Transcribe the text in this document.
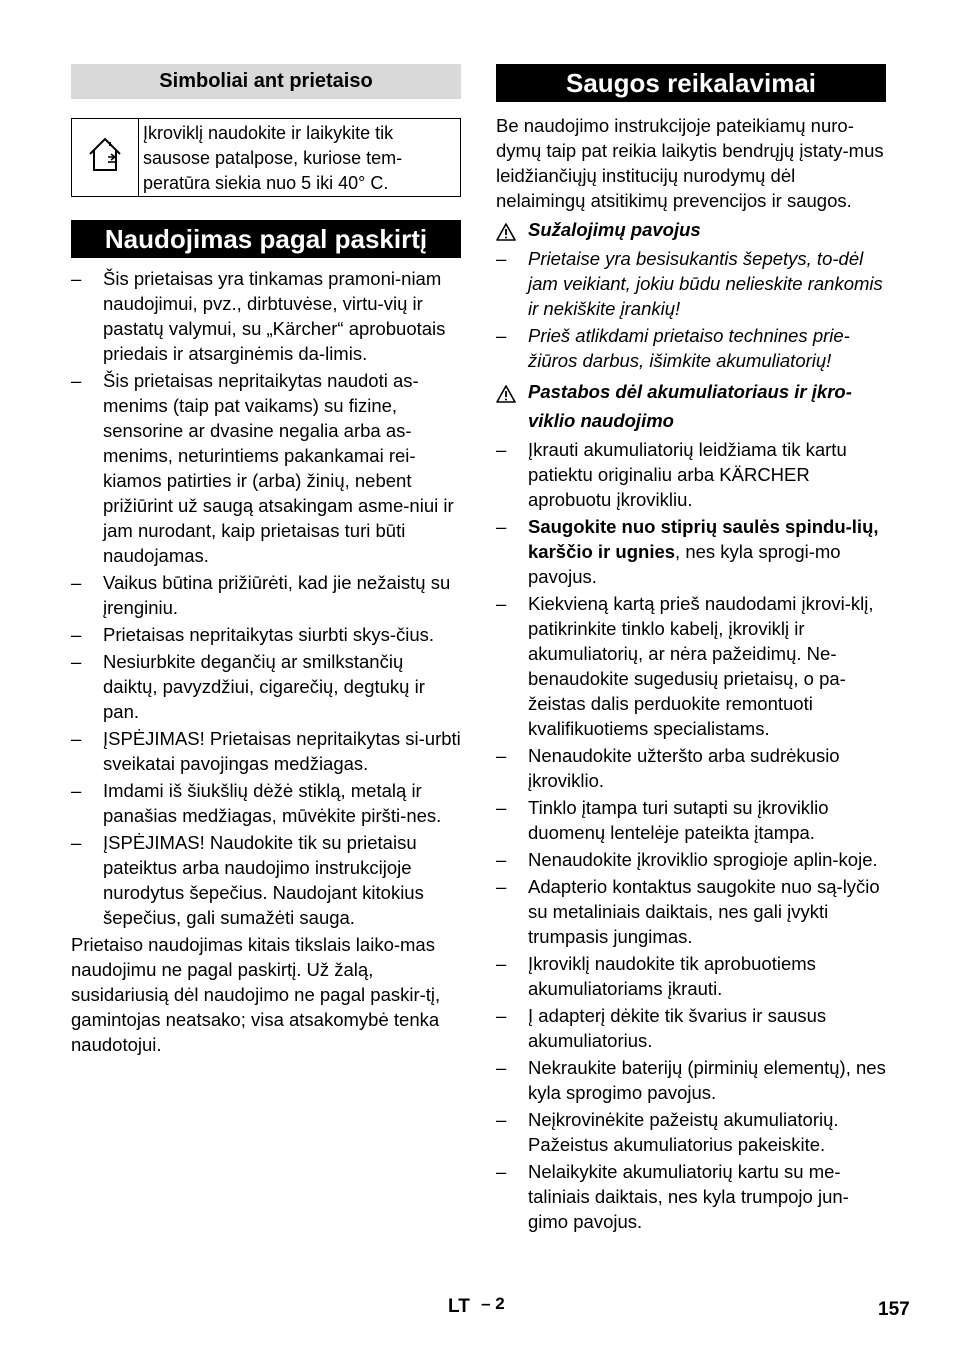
Simboliai ant prietaiso
Įkroviklį naudokite ir laikykite tik sausose patalpose, kuriose tem-peratūra siekia nuo 5 iki 40° C.
Naudojimas pagal paskirtį
– Šis prietaisas yra tinkamas pramoni-niam naudojimui, pvz., dirbtuvėse, virtu-vių ir pastatų valymui, su „Kärcher“ aprobuotais priedais ir atsarginėmis da-limis.
– Šis prietaisas nepritaikytas naudoti as-menims (taip pat vaikams) su fizine, sensorine ar dvasine negalia arba as-menims, neturintiems pakankamai rei-kiamos patirties ir (arba) žinių, nebent prižiūrint už saugą atsakingam asme-niui ir jam nurodant, kaip prietaisas turi būti naudojamas.
– Vaikus būtina prižiūrėti, kad jie nežaistų su įrenginiu.
– Prietaisas nepritaikytas siurbti skys-čius.
– Nesiurbkite degančių ar smilkstančių daiktų, pavyzdžiui, cigarečių, degtukų ir pan.
– ĮSPĖJIMAS! Prietaisas nepritaikytas si-urbti sveikatai pavojingas medžiagas.
– Imdami iš šiukšlių dėžė stiklą, metalą ir panašias medžiagas, mūvėkite piršti-nes.
– ĮSPĖJIMAS! Naudokite tik su prietaisu pateiktus arba naudojimo instrukcijoje nurodytus šepečius. Naudojant kitokius šepečius, gali sumažėti sauga.

Prietaiso naudojimas kitais tikslais laiko-mas naudojimu ne pagal paskirtį. Už žalą, susidariusią dėl naudojimo ne pagal paskir-tį, gamintojas neatsako; visa atsakomybė tenka naudotojui.

Saugos reikalavimai

Be naudojimo instrukcijoje pateikiamų nuro-dymų taip pat reikia laikytis bendrųjų įstaty-mus leidžiančiųjų institucijų nurodymų dėl nelaimingų atsitikimų prevencijos ir saugos.

Sužalojimų pavojus
– Prietaise yra besisukantis šepetys, to-dėl jam veikiant, jokiu būdu nelieskite rankomis ir nekiškite įrankių!
– Prieš atlikdami prietaiso technines prie-žiūros darbus, išimkite akumuliatorių!
Pastabos dėl akumuliatoriaus ir įkro-viklio naudojimo
– Įkrauti akumuliatorių leidžiama tik kartu patiektu originaliu arba KÄRCHER aprobuotu įkrovikliu.
– Saugokite nuo stiprių saulės spindu-lių, karščio ir ugnies, nes kyla sprogi-mo pavojus.
– Kiekvieną kartą prieš naudodami įkrovi-klį, patikrinkite tinklo kabelį, įkroviklį ir akumuliatorių, ar nėra pažeidimų. Ne-benaudokite sugedusių prietaisų, o pa-žeistas dalis perduokite remontuoti kvalifikuotiems specialistams.
– Nenaudokite užteršto arba sudrėkusio įkroviklio.
– Tinklo įtampa turi sutapti su įkroviklio duomenų lentelėje pateikta įtampa.
– Nenaudokite įkroviklio sprogioje aplin-koje.
– Adapterio kontaktus saugokite nuo są-lyčio su metaliniais daiktais, nes gali įvykti trumpasis jungimas.
– Įkroviklį naudokite tik aprobuotiems akumuliatoriams įkrauti.
– Į adapterį dėkite tik švarius ir sausus akumuliatorius.
– Nekraukite baterijų (pirminių elementų), nes kyla sprogimo pavojus.
– Neįkrovinėkite pažeistų akumuliatorių. Pažeistus akumuliatorius pakeiskite.
– Nelaikykite akumuliatorių kartu su me-taliniais daiktais, nes kyla trumpojo jun-gimo pavojus.
LT – 2	157
